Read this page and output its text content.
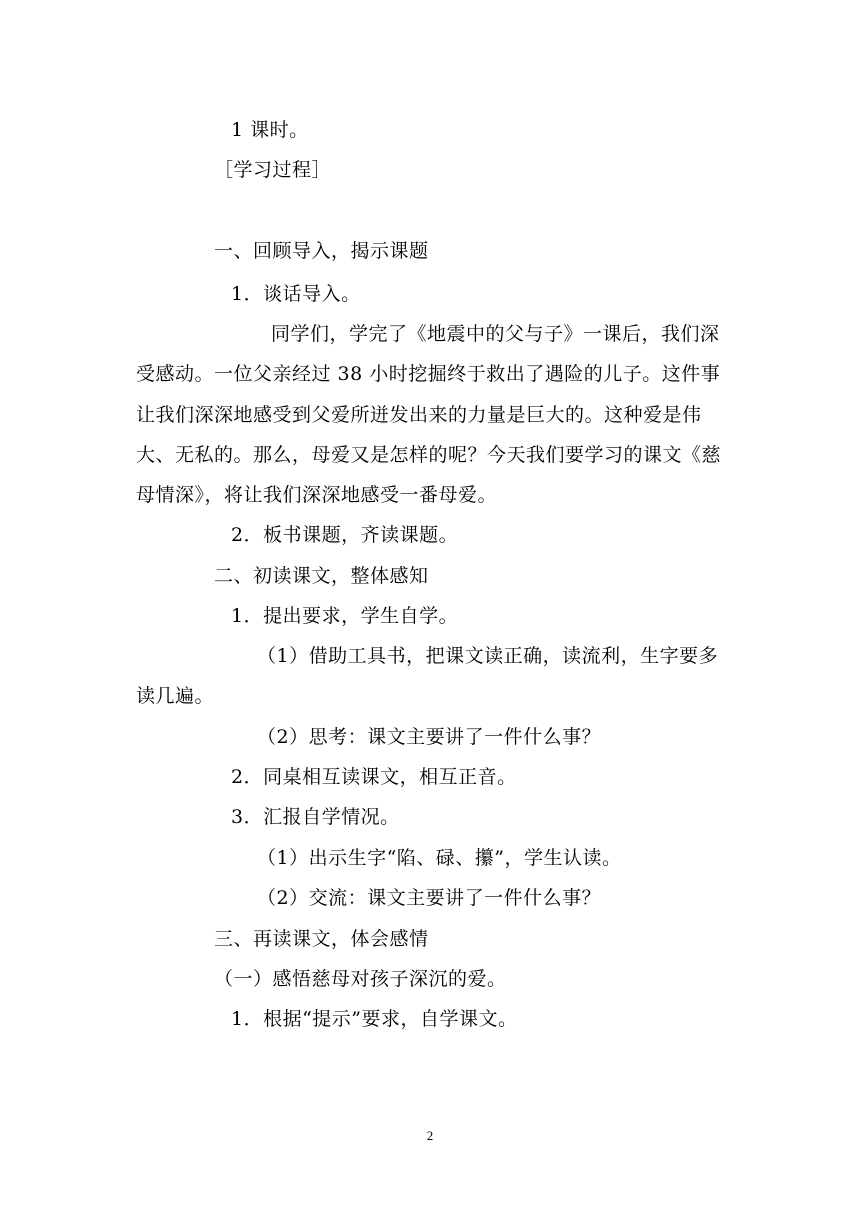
1 课时。
［学习过程］
一、回顾导入，揭示课题
1．谈话导入。
同学们，学完了《地震中的父与子》一课后，我们深
受感动。一位父亲经过 38 小时挖掘终于救出了遇险的儿子。这件事
让我们深深地感受到父爱所迸发出来的力量是巨大的。这种爱是伟
大、无私的。那么，母爱又是怎样的呢？今天我们要学习的课文《慈
母情深》，将让我们深深地感受一番母爱。
2．板书课题，齐读课题。
二、初读课文，整体感知
1．提出要求，学生自学。
（1）借助工具书，把课文读正确，读流利，生字要多
读几遍。
（2）思考：课文主要讲了一件什么事？
2．同桌相互读课文，相互正音。
3．汇报自学情况。
（1）出示生字“陷、碌、攥”，学生认读。
（2）交流：课文主要讲了一件什么事？
三、再读课文，体会感情
（一）感悟慈母对孩子深沉的爱。
1．根据“提示”要求，自学课文。
2
